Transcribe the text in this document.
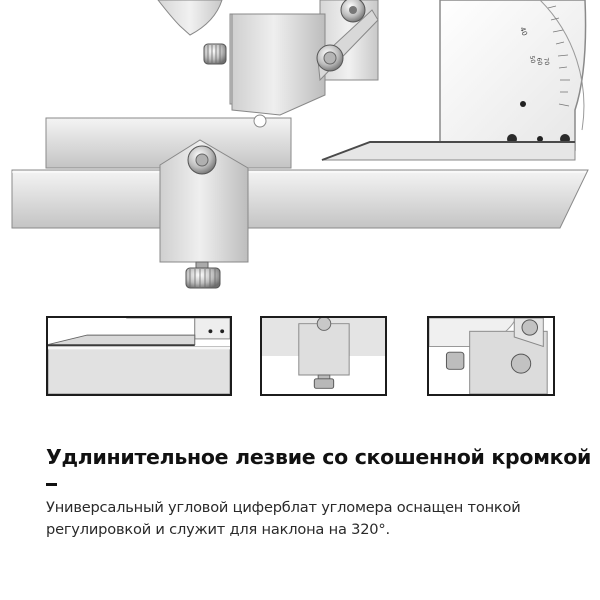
40
50
60
70
Удлинительное лезвие со скошенной кромкой
Универсальный угловой циферблат угломера оснащен тонкой регулировкой и служит для наклона на 320°.
